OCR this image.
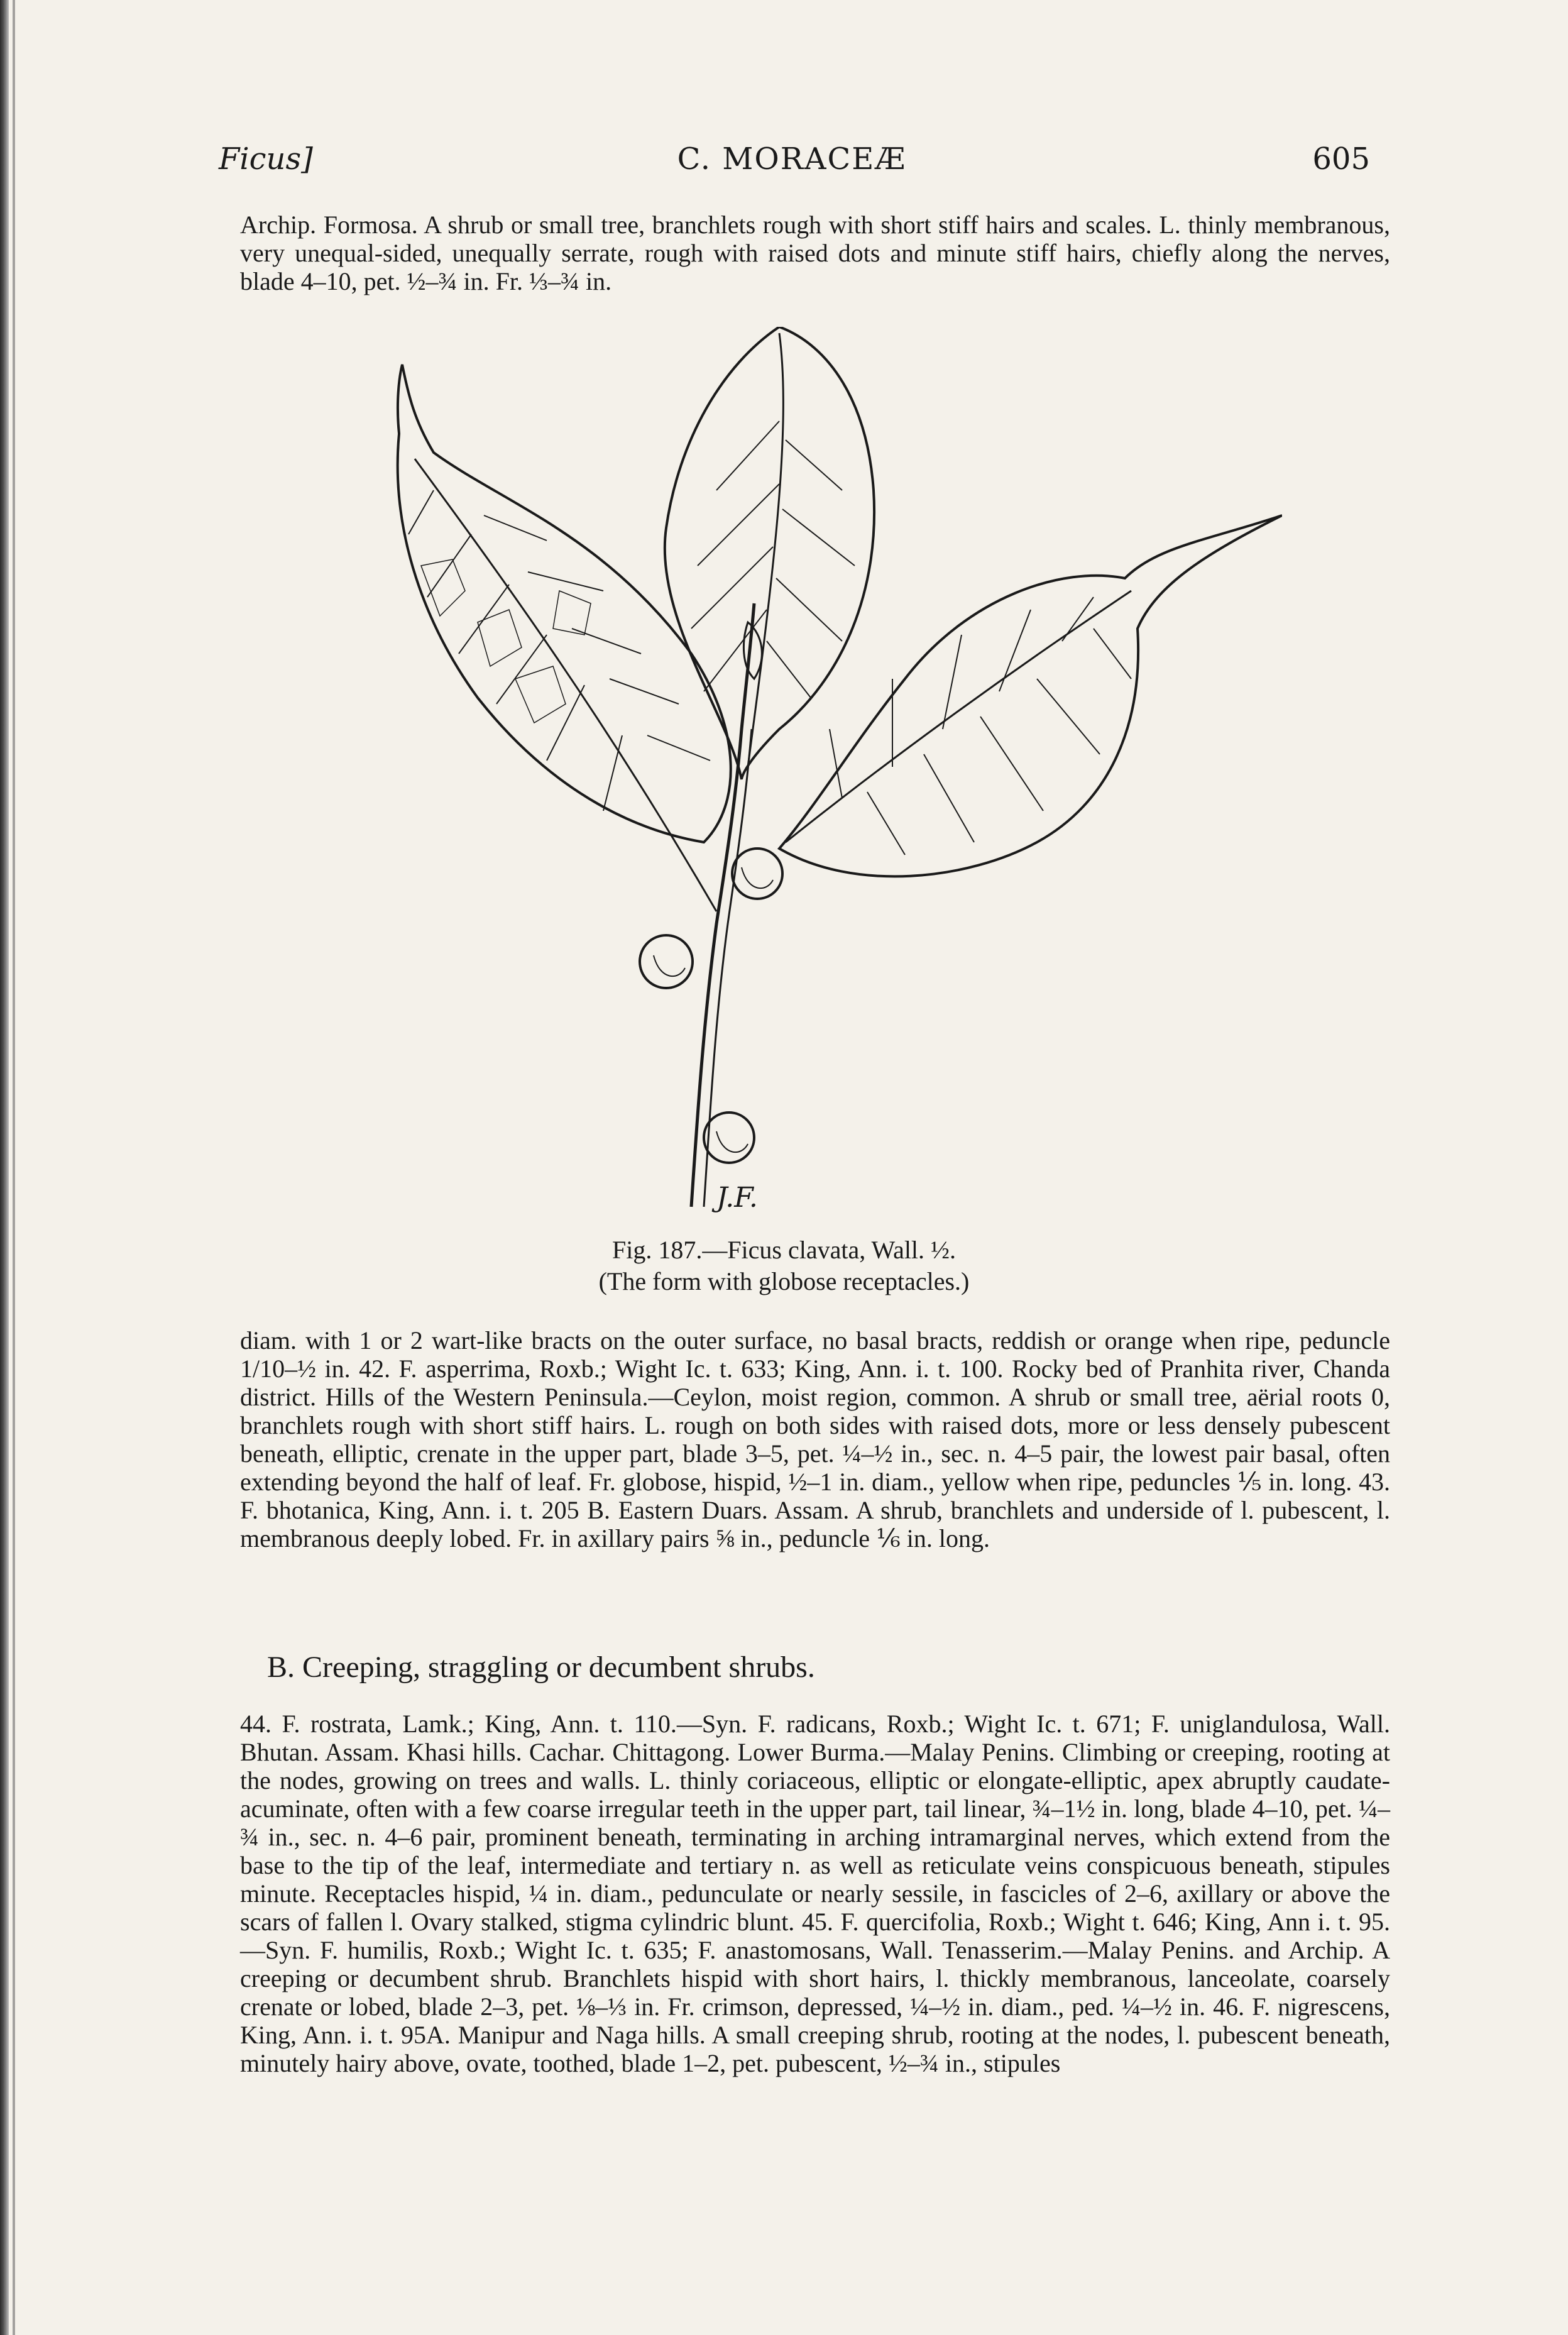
Ficus]	C. MORACEÆ	605
Archip. Formosa. A shrub or small tree, branchlets rough with short stiff hairs and scales. L. thinly membranous, very unequal-sided, unequally serrate, rough with raised dots and minute stiff hairs, chiefly along the nerves, blade 4–10, pet. ½–¾ in. Fr. ⅓–¾ in.
J.F.
Fig. 187.—Ficus clavata, Wall. ½.
(The form with globose receptacles.)
diam. with 1 or 2 wart-like bracts on the outer surface, no basal bracts, reddish or orange when ripe, peduncle 1/10–½ in. 42. F. asperrima, Roxb.; Wight Ic. t. 633; King, Ann. i. t. 100. Rocky bed of Pranhita river, Chanda district. Hills of the Western Peninsula.—Ceylon, moist region, common. A shrub or small tree, aërial roots 0, branchlets rough with short stiff hairs. L. rough on both sides with raised dots, more or less densely pubescent beneath, elliptic, crenate in the upper part, blade 3–5, pet. ¼–½ in., sec. n. 4–5 pair, the lowest pair basal, often extending beyond the half of leaf. Fr. globose, hispid, ½–1 in. diam., yellow when ripe, peduncles ⅕ in. long. 43. F. bhotanica, King, Ann. i. t. 205 B. Eastern Duars. Assam. A shrub, branchlets and underside of l. pubescent, l. membranous deeply lobed. Fr. in axillary pairs ⅝ in., peduncle ⅙ in. long.
B. Creeping, straggling or decumbent shrubs.
44. F. rostrata, Lamk.; King, Ann. t. 110.—Syn. F. radicans, Roxb.; Wight Ic. t. 671; F. uniglandulosa, Wall. Bhutan. Assam. Khasi hills. Cachar. Chittagong. Lower Burma.—Malay Penins. Climbing or creeping, rooting at the nodes, growing on trees and walls. L. thinly coriaceous, elliptic or elongate-elliptic, apex abruptly caudate-acuminate, often with a few coarse irregular teeth in the upper part, tail linear, ¾–1½ in. long, blade 4–10, pet. ¼–¾ in., sec. n. 4–6 pair, prominent beneath, terminating in arching intramarginal nerves, which extend from the base to the tip of the leaf, intermediate and tertiary n. as well as reticulate veins conspicuous beneath, stipules minute. Receptacles hispid, ¼ in. diam., pedunculate or nearly sessile, in fascicles of 2–6, axillary or above the scars of fallen l. Ovary stalked, stigma cylindric blunt. 45. F. quercifolia, Roxb.; Wight t. 646; King, Ann i. t. 95.—Syn. F. humilis, Roxb.; Wight Ic. t. 635; F. anastomosans, Wall. Tenasserim.—Malay Penins. and Archip. A creeping or decumbent shrub. Branchlets hispid with short hairs, l. thickly membranous, lanceolate, coarsely crenate or lobed, blade 2–3, pet. ⅛–⅓ in. Fr. crimson, depressed, ¼–½ in. diam., ped. ¼–½ in. 46. F. nigrescens, King, Ann. i. t. 95A. Manipur and Naga hills. A small creeping shrub, rooting at the nodes, l. pubescent beneath, minutely hairy above, ovate, toothed, blade 1–2, pet. pubescent, ½–¾ in., stipules
